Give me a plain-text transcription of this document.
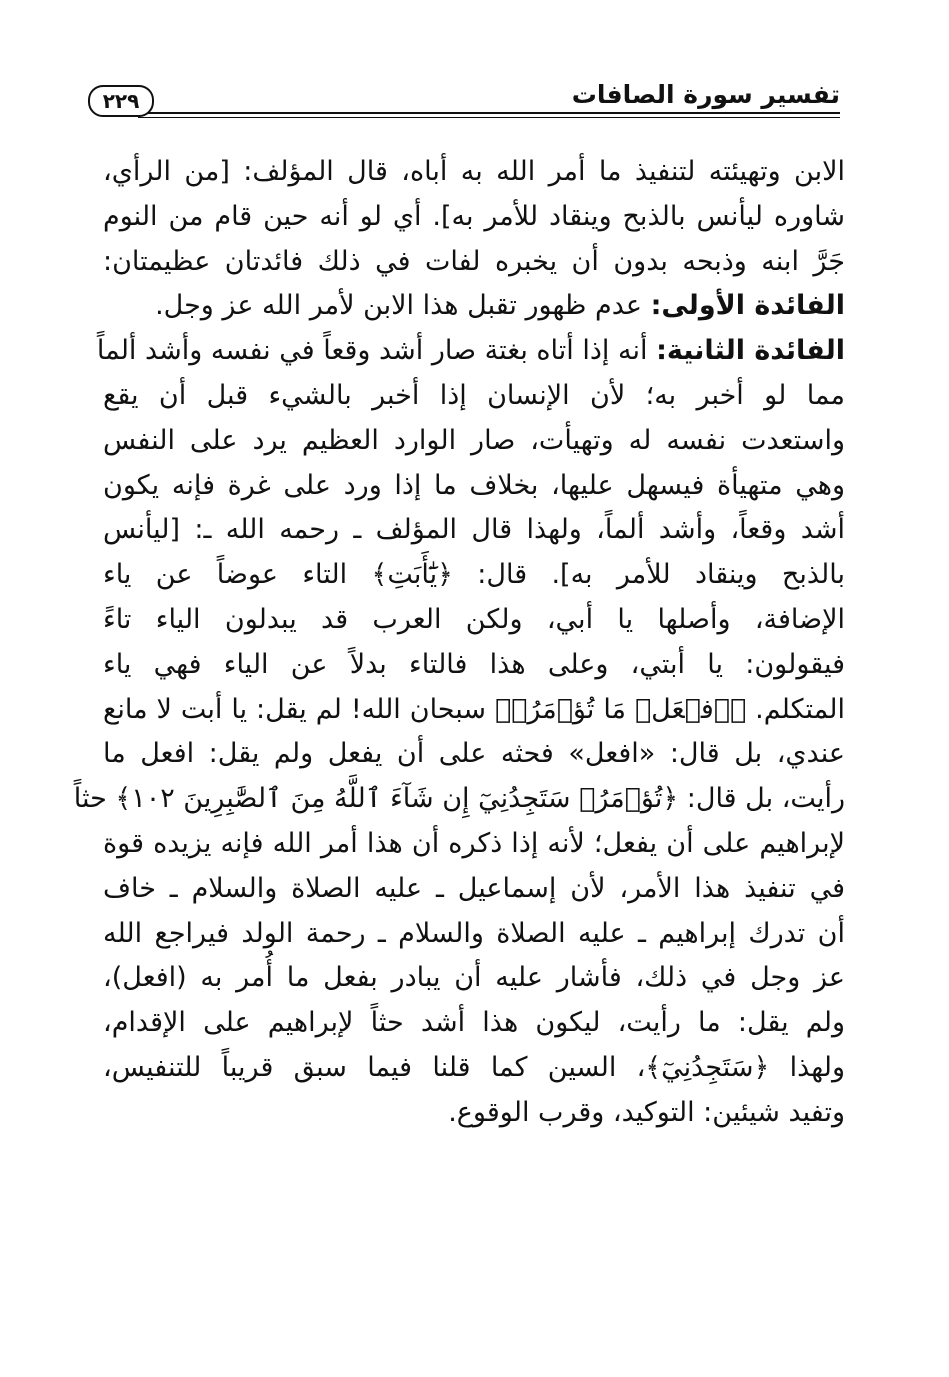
تفسير سورة الصافات
٢٢٩
الابن وتهيئته لتنفيذ ما أمر الله به أباه، قال المؤلف: [من الرأي،
شاوره ليأنس بالذبح وينقاد للأمر به]. أي لو أنه حين قام من النوم
جَرَّ ابنه وذبحه بدون أن يخبره لفات في ذلك فائدتان عظيمتان:
الفائدة الأولى: عدم ظهور تقبل هذا الابن لأمر الله عز وجل.
الفائدة الثانية: أنه إذا أتاه بغتة صار أشد وقعاً في نفسه وأشد ألماً
مما لو أخبر به؛ لأن الإنسان إذا أخبر بالشيء قبل أن يقع
واستعدت نفسه له وتهيأت، صار الوارد العظيم يرد على النفس
وهي متهيأة فيسهل عليها، بخلاف ما إذا ورد على غرة فإنه يكون
أشد وقعاً، وأشد ألماً، ولهذا قال المؤلف ـ رحمه الله ـ: [ليأنس
بالذبح وينقاد للأمر به]. قال: ﴿يَٰٓأَبَتِ﴾ التاء عوضاً عن ياء
الإضافة، وأصلها يا أبي، ولكن العرب قد يبدلون الياء تاءً
فيقولون: يا أبتي، وعلى هذا فالتاء بدلاً عن الياء فهي ياء
المتكلم. ﴿ٱفۡعَلۡ مَا تُؤۡمَرُۖ﴾ سبحان الله! لم يقل: يا أبت لا مانع
عندي، بل قال: «افعل» فحثه على أن يفعل ولم يقل: افعل ما
رأيت، بل قال: ﴿تُؤۡمَرُۖ سَتَجِدُنِيٓ إِن شَآءَ ٱللَّهُ مِنَ ٱلصَّٰبِرِينَ ١٠٢﴾ حثاً
لإبراهيم على أن يفعل؛ لأنه إذا ذكره أن هذا أمر الله فإنه يزيده قوة
في تنفيذ هذا الأمر، لأن إسماعيل ـ عليه الصلاة والسلام ـ خاف
أن تدرك إبراهيم ـ عليه الصلاة والسلام ـ رحمة الولد فيراجع الله
عز وجل في ذلك، فأشار عليه أن يبادر بفعل ما أُمر به (افعل)،
ولم يقل: ما رأيت، ليكون هذا أشد حثاً لإبراهيم على الإقدام،
ولهذا ﴿سَتَجِدُنِيٓ﴾، السين كما قلنا فيما سبق قريباً للتنفيس،
وتفيد شيئين: التوكيد، وقرب الوقوع.
